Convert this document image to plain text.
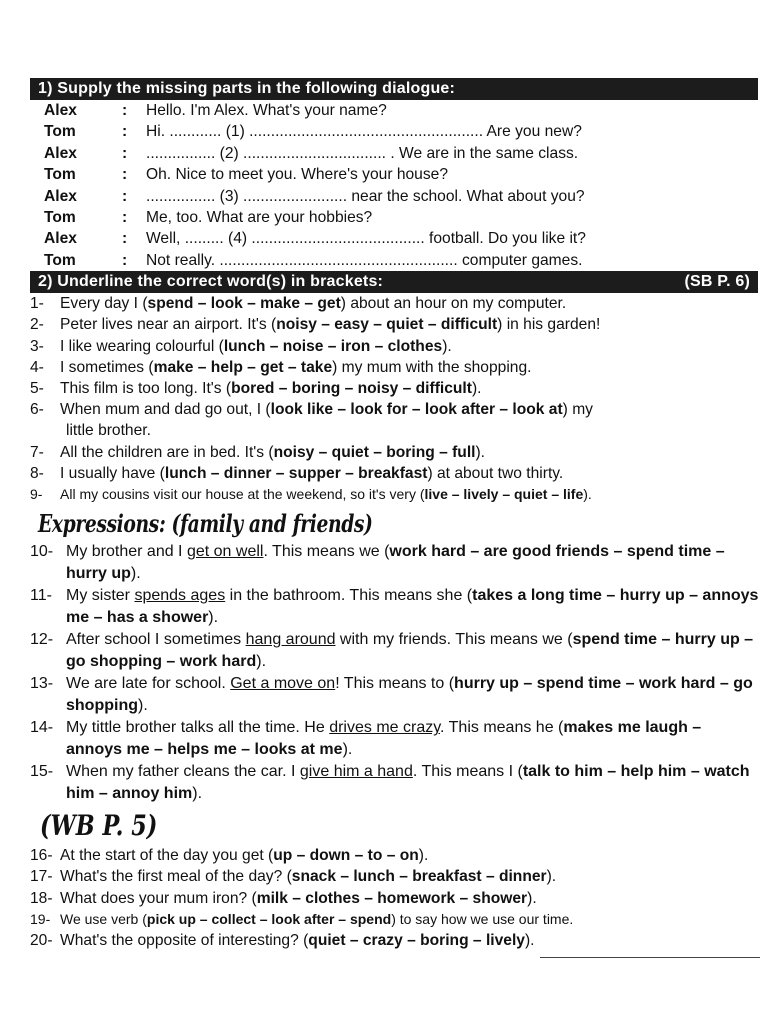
1) Supply the missing parts in the following dialogue:
Alex	:	Hello. I'm Alex. What's your name?
Tom	:	Hi. ............ (1) ...................................................... Are you new?
Alex	:	................ (2) ................................. . We are in the same class.
Tom	:	Oh. Nice to meet you. Where's your house?
Alex	:	................ (3) ........................ near the school. What about you?
Tom	:	Me, too. What are your hobbies?
Alex	:	Well, ......... (4) ........................................ football. Do you like it?
Tom	:	Not really. ....................................................... computer games.
2) Underline the correct word(s) in brackets:	(SB P. 6)
1-	Every day I (spend – look – make – get) about an hour on my computer.
2-	Peter lives near an airport. It's (noisy – easy – quiet – difficult) in his garden!
3-	I like wearing colourful (lunch – noise – iron – clothes).
4-	I sometimes (make – help – get – take) my mum with the shopping.
5-	This film is too long. It's (bored – boring – noisy – difficult).
6-	When mum and dad go out, I (look like – look for – look after – look at) my
little brother.
7-	All the children are in bed. It's (noisy – quiet – boring – full).
8-	I usually have (lunch – dinner – supper – breakfast) at about two thirty.
9-	All my cousins visit our house at the weekend, so it's very (live – lively – quiet – life).
Expressions: (family and friends)
10- My brother and I get on well. This means we (work hard – are good friends – spend time – hurry up).
11- My sister spends ages in the bathroom. This means she (takes a long time – hurry up – annoys me – has a shower).
12- After school I sometimes hang around with my friends. This means we (spend time – hurry up – go shopping – work hard).
13- We are late for school. Get a move on! This means to (hurry up – spend time – work hard – go shopping).
14- My tittle brother talks all the time. He drives me crazy. This means he (makes me laugh – annoys me – helps me – looks at me).
15- When my father cleans the car. I give him a hand. This means I (talk to him – help him – watch him – annoy him).
(WB P. 5)
16- At the start of the day you get (up – down – to – on).
17- What's the first meal of the day? (snack – lunch – breakfast – dinner).
18- What does your mum iron? (milk – clothes – homework – shower).
19- We use verb (pick up – collect – look after – spend) to say how we use our time.
20- What's the opposite of interesting? (quiet – crazy – boring – lively).
